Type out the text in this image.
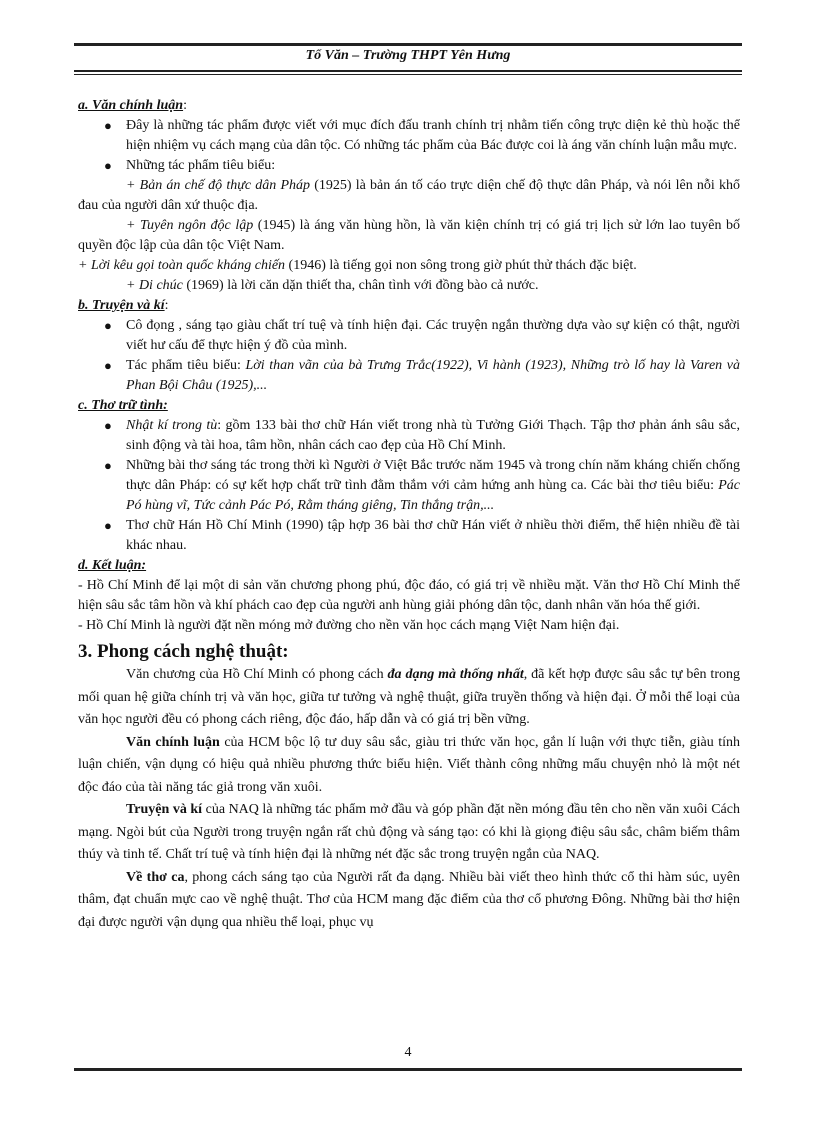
Tổ Văn – Trường THPT Yên Hưng

a. Văn chính luận:

●	Đây là những tác phẩm được viết với mục đích đấu tranh chính trị nhằm tiến công trực diện kẻ thù hoặc thể hiện nhiệm vụ cách mạng của dân tộc. Có những tác phẩm của Bác được coi là áng văn chính luận mẫu mực.
●	Những tác phẩm tiêu biểu:

+ Bản án chế độ thực dân Pháp (1925) là bản án tố cáo trực diện chế độ thực dân Pháp, và nói lên nỗi khổ đau của người dân xứ thuộc địa.

+ Tuyên ngôn độc lập (1945) là áng văn hùng hồn, là văn kiện chính trị có giá trị lịch sử lớn lao tuyên bố quyền độc lập của dân tộc Việt Nam.

+ Lời kêu gọi toàn quốc kháng chiến (1946) là tiếng gọi non sông trong giờ phút thử thách đặc biệt.

+ Di chúc (1969) là lời căn dặn thiết tha, chân tình với đồng bào cả nước.

b. Truyện và kí:

●	Cô đọng , sáng tạo giàu chất trí tuệ và tính hiện đại. Các truyện ngắn thường dựa vào sự kiện có thật, người viết hư cấu để thực hiện ý đồ của mình.
●	Tác phẩm tiêu biểu: Lời than vãn của bà Trưng Trắc(1922), Vi hành (1923), Những trò lố hay là Varen và Phan Bội Châu (1925),...

c. Thơ trữ tình:

●	Nhật kí trong tù: gồm 133 bài thơ chữ Hán viết trong nhà tù Tưởng Giới Thạch. Tập thơ phản ánh sâu sắc, sinh động và tài hoa, tâm hồn, nhân cách cao đẹp của Hồ Chí Minh.
●	Những bài thơ sáng tác trong thời kì Người ở Việt Bắc trước năm 1945 và trong chín năm kháng chiến chống thực dân Pháp: có sự kết hợp chất trữ tình đằm thắm với cảm hứng anh hùng ca. Các bài thơ tiêu biểu: Pác Pó hùng vĩ, Tức cảnh Pác Pó, Rằm tháng giêng, Tin thắng trận,...
●	Thơ chữ Hán Hồ Chí Minh (1990) tập hợp 36 bài thơ chữ Hán viết ở nhiều thời điểm, thể hiện nhiều đề tài khác nhau.

d. Kết luận:

- Hồ Chí Minh để lại một di sản văn chương phong phú, độc đáo, có giá trị về nhiều mặt. Văn thơ Hồ Chí Minh thể hiện sâu sắc tâm hồn và khí phách cao đẹp của người anh hùng giải phóng dân tộc, danh nhân văn hóa thế giới.

- Hồ Chí Minh là người đặt nền móng mở đường cho nền văn học cách mạng Việt Nam hiện đại.

3. Phong cách nghệ thuật:

Văn chương của Hồ Chí Minh có phong cách đa dạng mà thống nhất, đã kết hợp được sâu sắc tự bên trong mối quan hệ giữa chính trị và văn học, giữa tư tưởng và nghệ thuật, giữa truyền thống và hiện đại. Ở mỗi thể loại của văn học người đều có phong cách riêng, độc đáo, hấp dẫn và có giá trị bền vững.

Văn chính luận của HCM bộc lộ tư duy sâu sắc, giàu tri thức văn học, gắn lí luận với thực tiễn, giàu tính luận chiến, vận dụng có hiệu quả nhiều phương thức biểu hiện. Viết thành công những mẩu chuyện nhỏ là một nét độc đáo của tài năng tác giả trong văn xuôi.

Truyện và kí của NAQ là những tác phẩm mở đầu và góp phần đặt nền móng đầu tên cho nền văn xuôi Cách mạng. Ngòi bút của Người trong truyện ngắn rất chủ động và sáng tạo: có khi là giọng điệu sâu sắc, châm biếm thâm thúy và tinh tế. Chất trí tuệ và tính hiện đại là những nét đặc sắc trong truyện ngắn của NAQ.

Về thơ ca, phong cách sáng tạo của Người rất đa dạng. Nhiều bài viết theo hình thức cổ thi hàm súc, uyên thâm, đạt chuẩn mực cao về nghệ thuật. Thơ của HCM mang đặc điểm của thơ cổ phương Đông. Những bài thơ hiện đại được người vận dụng qua nhiều thể loại, phục vụ

4
